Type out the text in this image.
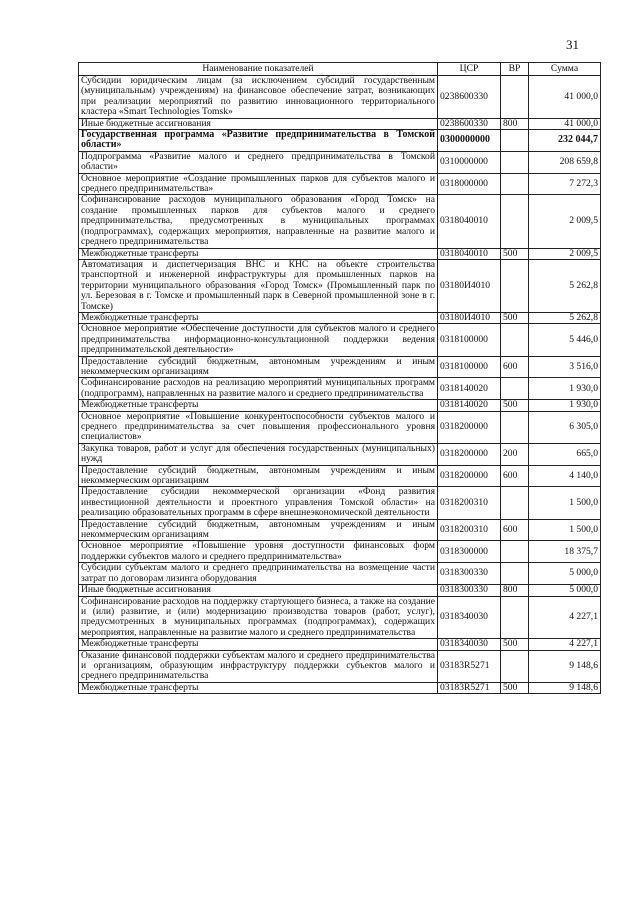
31
Наименование показателей	ЦСР	ВР	Сумма
Субсидии юридическим лицам (за исключением субсидий государственным (муниципальным) учреждениям) на финансовое обеспечение затрат, возникающих при реализации мероприятий по развитию инновационного территориального кластера «Smart Technologies Tomsk»	0238600330		41 000,0
Иные бюджетные ассигнования	0238600330	800	41 000,0
Государственная программа «Развитие предпринимательства в Томской области»	0300000000		232 044,7
Подпрограмма «Развитие малого и среднего предпринимательства в Томской области»	0310000000		208 659,8
Основное мероприятие «Создание промышленных парков для субъектов малого и среднего предпринимательства»	0318000000		7 272,3
Софинансирование расходов муниципального образования «Город Томск» на создание промышленных парков для субъектов малого и среднего предпринимательства, предусмотренных в муниципальных программах (подпрограммах), содержащих мероприятия, направленные на развитие малого и среднего предпринимательства	0318040010		2 009,5
Межбюджетные трансферты	0318040010	500	2 009,5
Автоматизация и диспетчеризация ВНС и КНС на объекте строительства транспортной и инженерной инфраструктуры для промышленных парков на территории муниципального образования «Город Томск» (Промышленный парк по ул. Березовая в г. Томске и промышленный парк в Северной промышленной зоне в г. Томске)	03180И4010		5 262,8
Межбюджетные трансферты	03180И4010	500	5 262,8
Основное мероприятие «Обеспечение доступности для субъектов малого и среднего предпринимательства информационно-консультационной поддержки ведения предпринимательской деятельности»	0318100000		5 446,0
Предоставление субсидий бюджетным, автономным учреждениям и иным некоммерческим организациям	0318100000	600	3 516,0
Софинансирование расходов на реализацию мероприятий муниципальных программ (подпрограмм), направленных на развитие малого и среднего предпринимательства	0318140020		1 930,0
Межбюджетные трансферты	0318140020	500	1 930,0
Основное мероприятие «Повышение конкурентоспособности субъектов малого и среднего предпринимательства за счет повышения профессионального уровня специалистов»	0318200000		6 305,0
Закупка товаров, работ и услуг для обеспечения государственных (муниципальных) нужд	0318200000	200	665,0
Предоставление субсидий бюджетным, автономным учреждениям и иным некоммерческим организациям	0318200000	600	4 140,0
Предоставление субсидии некоммерческой организации «Фонд развития инвестиционной деятельности и проектного управления Томской области» на реализацию образовательных программ в сфере внешнеэкономической деятельности	0318200310		1 500,0
Предоставление субсидий бюджетным, автономным учреждениям и иным некоммерческим организациям	0318200310	600	1 500,0
Основное мероприятие «Повышение уровня доступности финансовых форм поддержки субъектов малого и среднего предпринимательства»	0318300000		18 375,7
Субсидии субъектам малого и среднего предпринимательства на возмещение части затрат по договорам лизинга оборудования	0318300330		5 000,0
Иные бюджетные ассигнования	0318300330	800	5 000,0
Софинансирование расходов на поддержку стартующего бизнеса, а также на создание и (или) развитие, и (или) модернизацию производства товаров (работ, услуг), предусмотренных в муниципальных программах (подпрограммах), содержащих мероприятия, направленные на развитие малого и среднего предпринимательства	0318340030		4 227,1
Межбюджетные трансферты	0318340030	500	4 227,1
Оказание финансовой поддержки субъектам малого и среднего предпринимательства и организациям, образующим инфраструктуру поддержки субъектов малого и среднего предпринимательства	03183R5271		9 148,6
Межбюджетные трансферты	03183R5271	500	9 148,6
